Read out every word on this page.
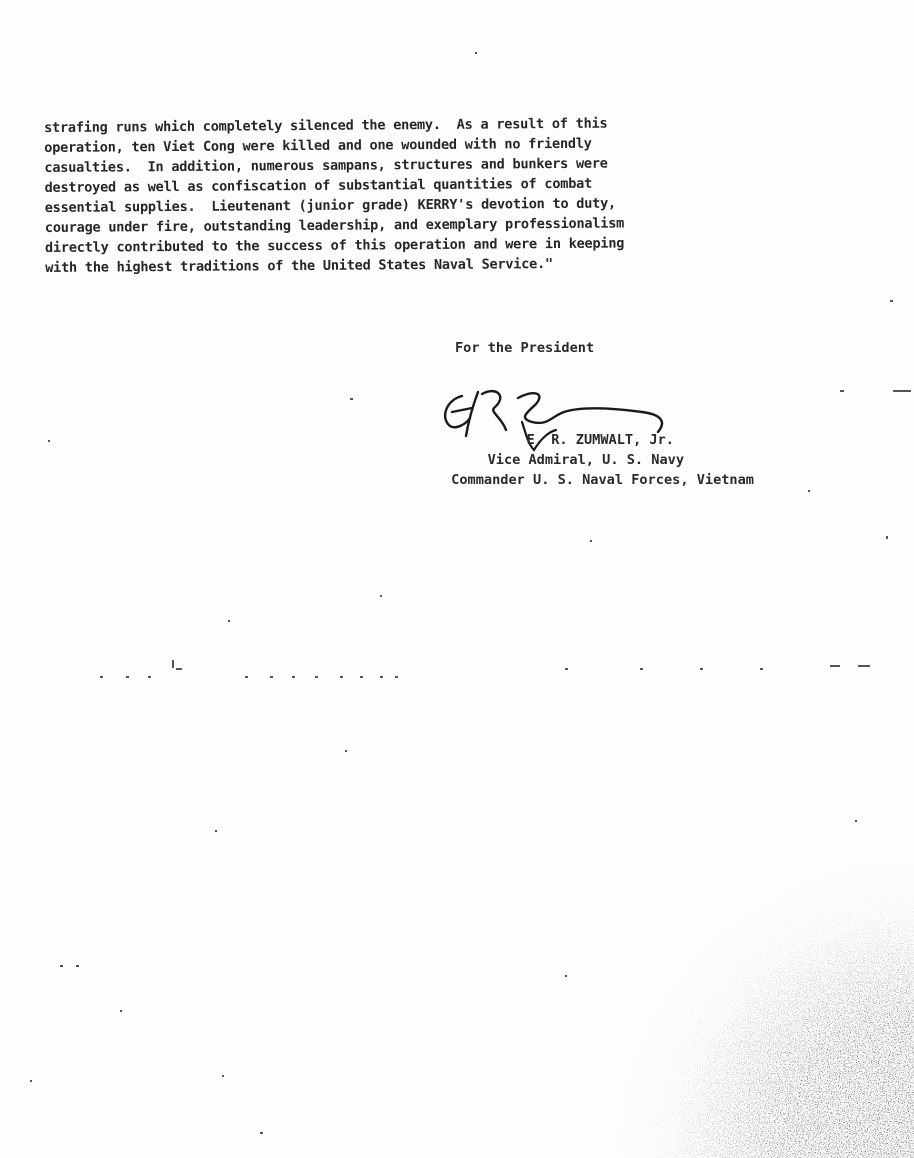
strafing runs which completely silenced the enemy.  As a result of this
operation, ten Viet Cong were killed and one wounded with no friendly
casualties.  In addition, numerous sampans, structures and bunkers were
destroyed as well as confiscation of substantial quantities of combat
essential supplies.  Lieutenant (junior grade) KERRY's devotion to duty,
courage under fire, outstanding leadership, and exemplary professionalism
directly contributed to the success of this operation and were in keeping
with the highest traditions of the United States Naval Service."
For the President
E. R. ZUMWALT, Jr.
Vice Admiral, U. S. Navy
Commander U. S. Naval Forces, Vietnam
